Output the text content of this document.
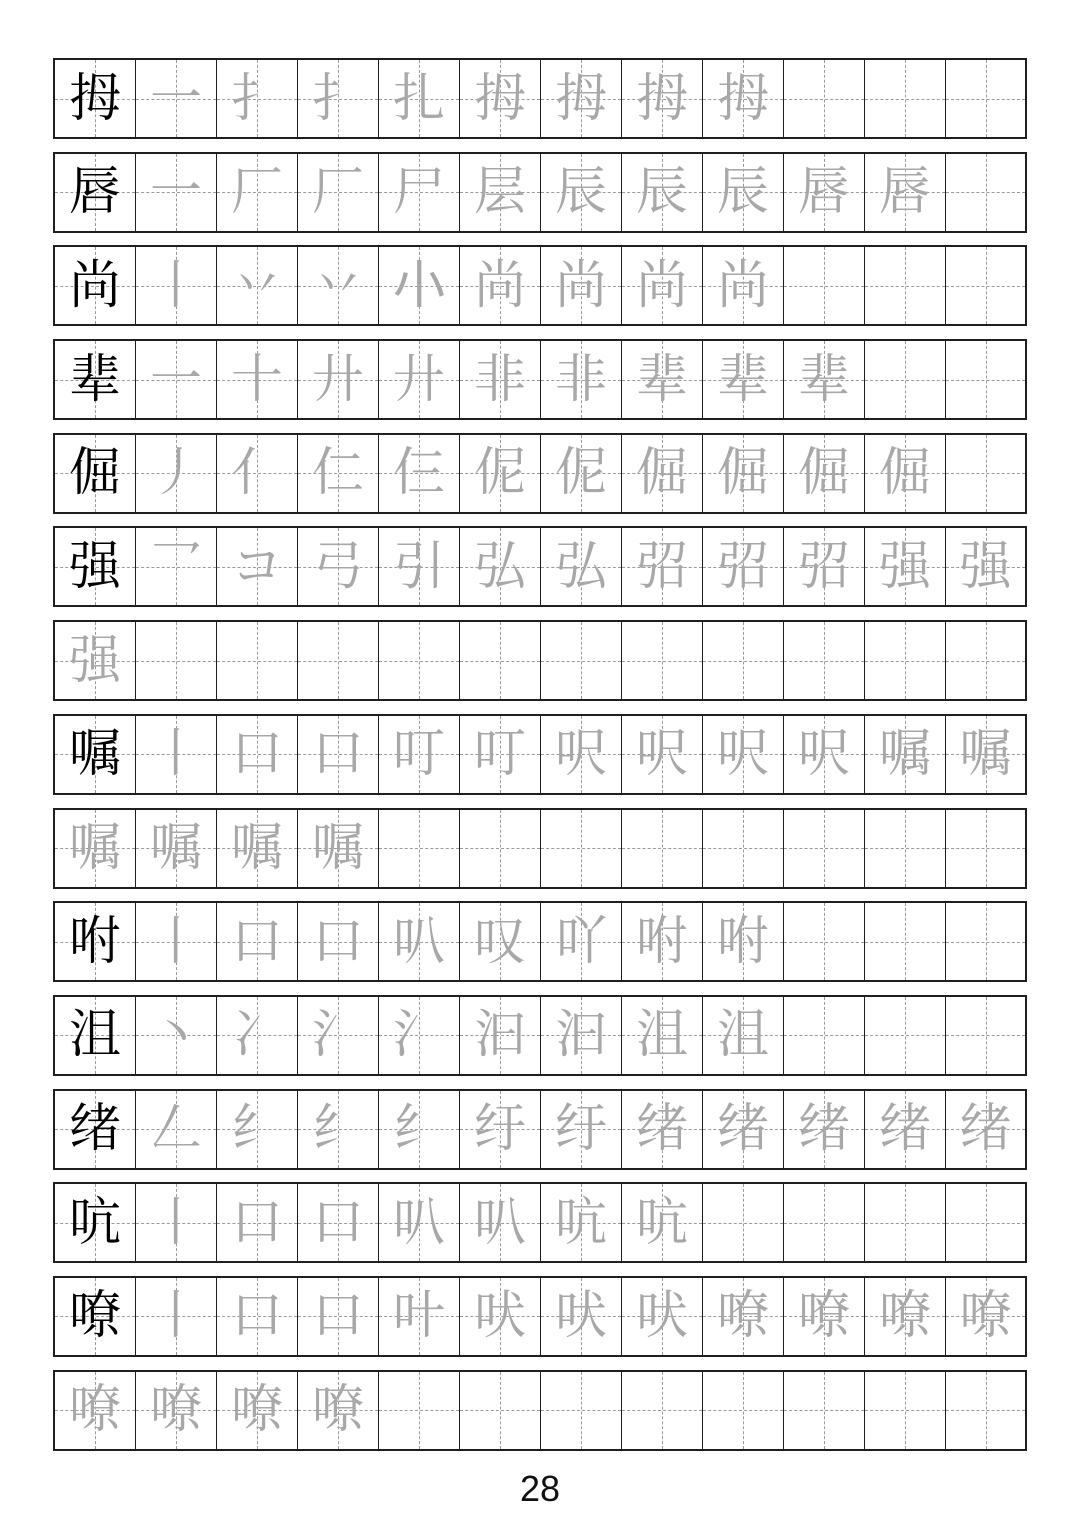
拇 一 扌 扌 扎 拇 拇 拇 拇
唇 一 厂 厂 尸 层 辰 辰 辰 唇 唇
尚 丨 丷 丷 𡭔 尚 尚 尚 尚
辈 一 十 廾 廾 非 非 辈 辈 辈
倔 丿 亻 仁 仨 伲 伲 倔 倔 倔 倔
强 乛 コ 弓 引 弘 弘 弨 弨 弨 强 强
强
嘱 丨 口 口 叮 叮 呎 呎 呎 呎 嘱 嘱
嘱 嘱 嘱 嘱
咐 丨 口 口 叭 叹 吖 咐 咐
沮 丶 冫 氵 氵 汩 汩 沮 沮
绪 𠃋 纟 纟 纟 纡 纡 绪 绪 绪 绪 绪
吭 丨 口 口 叭 叭 吭 吭
嘹 丨 口 口 叶 吠 吠 吠 嘹 嘹 嘹 嘹
嘹 嘹 嘹 嘹
28
